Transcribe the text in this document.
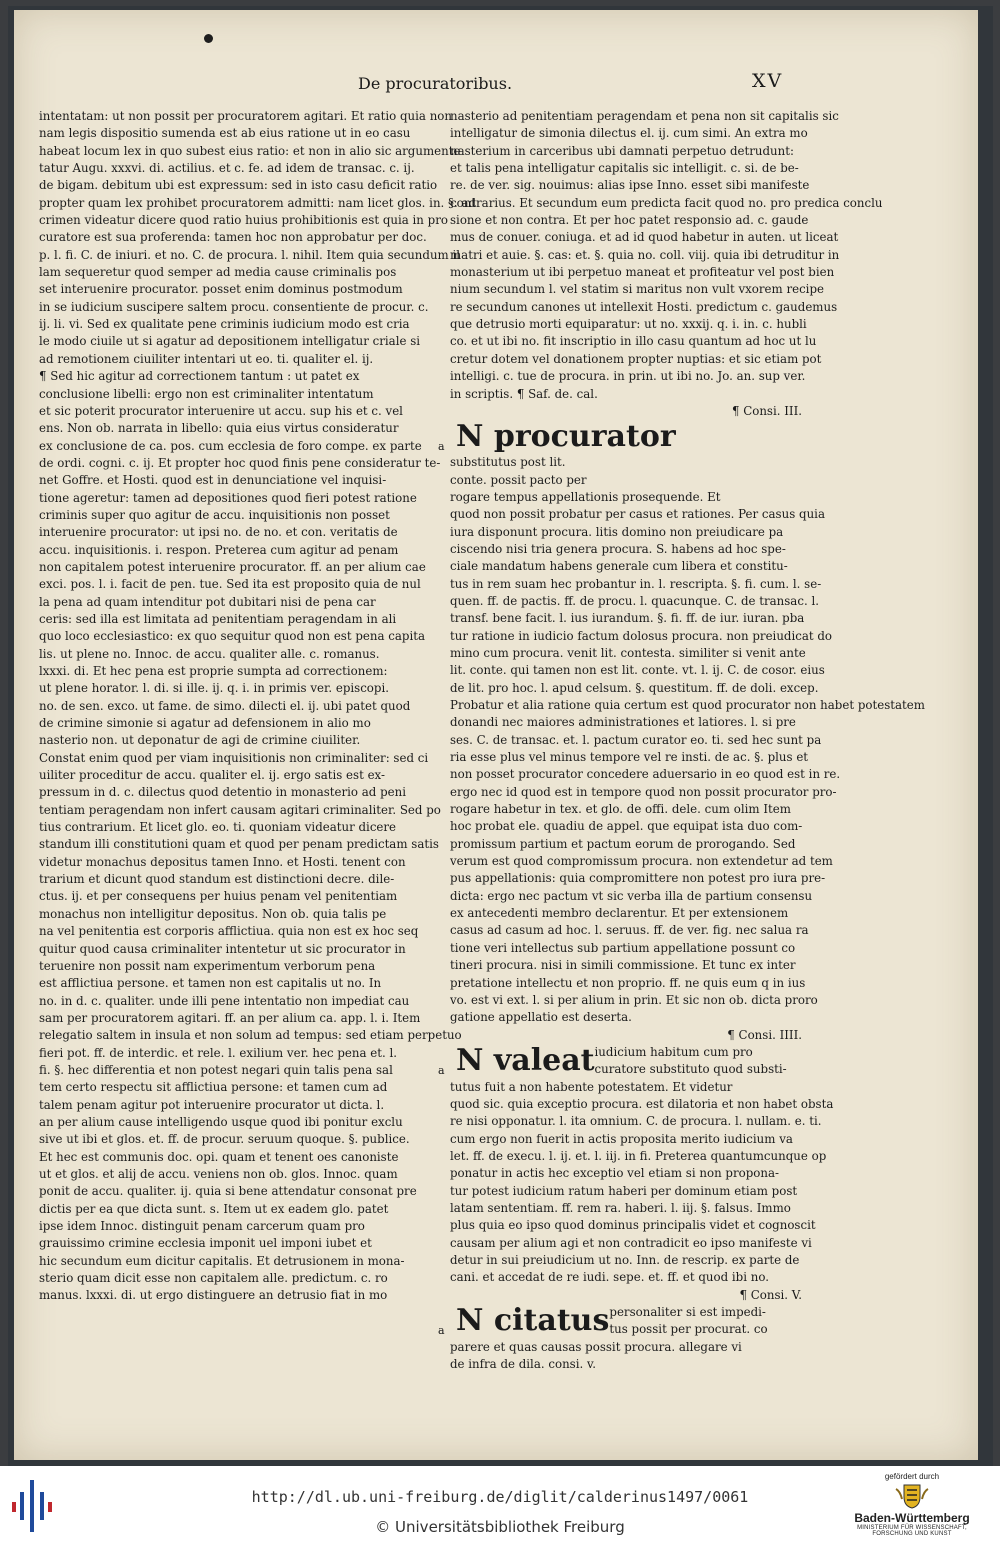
De procuratoribus.	XV
intentatam: ut non possit per procuratorem agitari. Et ratio quia non
nam legis dispositio sumenda est ab eius ratione ut in eo casu
habeat locum lex in quo subest eius ratio: et non in alio sic argumente
tatur Augu. xxxvi. di. actilius. et c. fe. ad idem de transac. c. ij.
de bigam. debitum ubi est expressum: sed in isto casu deficit ratio
propter quam lex prohibet procuratorem admitti: nam licet glos. in. §. ad
crimen videatur dicere quod ratio huius prohibitionis est quia in pro
curatore est sua proferenda: tamen hoc non approbatur per doc.
p. l. fi. C. de iniuri. et no. C. de procura. l. nihil. Item quia secundum il
lam sequeretur quod semper ad media cause criminalis pos
set interuenire procurator. posset enim dominus postmodum
in se iudicium suscipere saltem procu. consentiente de procur. c.
ij. li. vi. Sed ex qualitate pene criminis iudicium modo est cria
le modo ciuile ut si agatur ad depositionem intelligatur criale si
ad remotionem ciuiliter intentari ut eo. ti. qualiter el. ij.
¶ Sed hic agitur ad correctionem tantum : ut patet ex
conclusione libelli: ergo non est criminaliter intentatum
et sic poterit procurator interuenire ut accu. sup his et c. vel
ens. Non ob. narrata in libello: quia eius virtus consideratur
ex conclusione de ca. pos. cum ecclesia de foro compe. ex parte
de ordi. cogni. c. ij. Et propter hoc quod finis pene consideratur te-
net Goffre. et Hosti. quod est in denunciatione vel inquisi-
tione ageretur: tamen ad depositiones quod fieri potest ratione
criminis super quo agitur de accu. inquisitionis non posset
interuenire procurator: ut ipsi no. de no. et con. veritatis de
accu. inquisitionis. i. respon. Preterea cum agitur ad penam
non capitalem potest interuenire procurator. ff. an per alium cae
exci. pos. l. i. facit de pen. tue. Sed ita est proposito quia de nul
la pena ad quam intenditur pot dubitari nisi de pena car
ceris: sed illa est limitata ad penitentiam peragendam in ali
quo loco ecclesiastico: ex quo sequitur quod non est pena capita
lis. ut plene no. Innoc. de accu. qualiter alle. c. romanus.
lxxxi. di. Et hec pena est proprie sumpta ad correctionem:
ut plene horator. l. di. si ille. ij. q. i. in primis ver. episcopi.
no. de sen. exco. ut fame. de simo. dilecti el. ij. ubi patet quod
de crimine simonie si agatur ad defensionem in alio mo
nasterio non. ut deponatur de agi de crimine ciuiliter.
Constat enim quod per viam inquisitionis non criminaliter: sed ci
uiliter proceditur de accu. qualiter el. ij. ergo satis est ex-
pressum in d. c. dilectus quod detentio in monasterio ad peni
tentiam peragendam non infert causam agitari criminaliter. Sed po
tius contrarium. Et licet glo. eo. ti. quoniam videatur dicere
standum illi constitutioni quam et quod per penam predictam satis
videtur monachus depositus tamen Inno. et Hosti. tenent con
trarium et dicunt quod standum est distinctioni decre. dile-
ctus. ij. et per consequens per huius penam vel penitentiam
monachus non intelligitur depositus. Non ob. quia talis pe
na vel penitentia est corporis afflictiua. quia non est ex hoc seq
quitur quod causa criminaliter intentetur ut sic procurator in
teruenire non possit nam experimentum verborum pena
est afflictiua persone. et tamen non est capitalis ut no. In
no. in d. c. qualiter. unde illi pene intentatio non impediat cau
sam per procuratorem agitari. ff. an per alium ca. app. l. i. Item
relegatio saltem in insula et non solum ad tempus: sed etiam perpetuo
fieri pot. ff. de interdic. et rele. l. exilium ver. hec pena et. l.
fi. §. hec differentia et non potest negari quin talis pena sal
tem certo respectu sit afflictiua persone: et tamen cum ad
talem penam agitur pot interuenire procurator ut dicta. l.
an per alium cause intelligendo usque quod ibi ponitur exclu
sive ut ibi et glos. et. ff. de procur. seruum quoque. §. publice.
Et hec est communis doc. opi. quam et tenent oes canoniste
ut et glos. et alij de accu. veniens non ob. glos. Innoc. quam
ponit de accu. qualiter. ij. quia si bene attendatur consonat pre
dictis per ea que dicta sunt. s. Item ut ex eadem glo. patet
ipse idem Innoc. distinguit penam carcerum quam pro
grauissimo crimine ecclesia imponit uel imponi iubet et
hic secundum eum dicitur capitalis. Et detrusionem in mona-
sterio quam dicit esse non capitalem alle. predictum. c. ro
manus. lxxxi. di. ut ergo distinguere an detrusio fiat in mo
nasterio ad penitentiam peragendam et pena non sit capitalis sic
intelligatur de simonia dilectus el. ij. cum simi. An extra mo
nasterium in carceribus ubi damnati perpetuo detrudunt:
et talis pena intelligatur capitalis sic intelligit. c. si. de be-
re. de ver. sig. nouimus: alias ipse Inno. esset sibi manifeste
contrarius. Et secundum eum predicta facit quod no. pro predica conclu
sione et non contra. Et per hoc patet responsio ad. c. gaude
mus de conuer. coniuga. et ad id quod habetur in auten. ut liceat
matri et auie. §. cas: et. §. quia no. coll. viij. quia ibi detruditur in
monasterium ut ibi perpetuo maneat et profiteatur vel post bien
nium secundum l. vel statim si maritus non vult vxorem recipe
re secundum canones ut intellexit Hosti. predictum c. gaudemus
que detrusio morti equiparatur: ut no. xxxij. q. i. in. c. hubli
co. et ut ibi no. fit inscriptio in illo casu quantum ad hoc ut lu
cretur dotem vel donationem propter nuptias: et sic etiam pot
intelligi. c. tue de procura. in prin. ut ibi no. Jo. an. sup ver.
in scriptis. ¶ Saf. de. cal.
¶ Consi. III.
a N procurator
substitutus post lit.
conte. possit pacto per
rogare tempus appellationis prosequende. Et
quod non possit probatur per casus et rationes. Per casus quia
iura disponunt procura. litis domino non preiudicare pa
ciscendo nisi tria genera procura. S. habens ad hoc spe-
ciale mandatum habens generale cum libera et constitu-
tus in rem suam hec probantur in. l. rescripta. §. fi. cum. l. se-
quen. ff. de pactis. ff. de procu. l. quacunque. C. de transac. l.
transf. bene facit. l. ius iurandum. §. fi. ff. de iur. iuran. pba
tur ratione in iudicio factum dolosus procura. non preiudicat do
mino cum procura. venit lit. contesta. similiter si venit ante
lit. conte. qui tamen non est lit. conte. vt. l. ij. C. de cosor. eius
de lit. pro hoc. l. apud celsum. §. questitum. ff. de doli. excep.
Probatur et alia ratione quia certum est quod procurator non habet potestatem
donandi nec maiores administrationes et latiores. l. si pre
ses. C. de transac. et. l. pactum curator eo. ti. sed hec sunt pa
ria esse plus vel minus tempore vel re insti. de ac. §. plus et
non posset procurator concedere aduersario in eo quod est in re.
ergo nec id quod est in tempore quod non possit procurator pro-
rogare habetur in tex. et glo. de offi. dele. cum olim Item
hoc probat ele. quadiu de appel. que equipat ista duo com-
promissum partium et pactum eorum de prorogando. Sed
verum est quod compromissum procura. non extendetur ad tem
pus appellationis: quia compromittere non potest pro iura pre-
dicta: ergo nec pactum vt sic verba illa de partium consensu
ex antecedenti membro declarentur. Et per extensionem
casus ad casum ad hoc. l. seruus. ff. de ver. fig. nec salua ra
tione veri intellectus sub partium appellatione possunt co
tineri procura. nisi in simili commissione. Et tunc ex inter
pretatione intellectu et non proprio. ff. ne quis eum q in ius
vo. est vi ext. l. si per alium in prin. Et sic non ob. dicta proro
gatione appellatio est deserta.
¶ Consi. IIII.
a N valeat iudicium habitum cum pro
curatore substituto quod substi-
tutus fuit a non habente potestatem. Et videtur
quod sic. quia exceptio procura. est dilatoria et non habet obsta
re nisi opponatur. l. ita omnium. C. de procura. l. nullam. e. ti.
cum ergo non fuerit in actis proposita merito iudicium va
let. ff. de execu. l. ij. et. l. iij. in fi. Preterea quantumcunque op
ponatur in actis hec exceptio vel etiam si non propona-
tur potest iudicium ratum haberi per dominum etiam post
latam sententiam. ff. rem ra. haberi. l. iij. §. falsus. Immo
plus quia eo ipso quod dominus principalis videt et cognoscit
causam per alium agi et non contradicit eo ipso manifeste vi
detur in sui preiudicium ut no. Inn. de rescrip. ex parte de
cani. et accedat de re iudi. sepe. et. ff. et quod ibi no.
¶ Consi. V.
a N citatus personaliter si est impedi-
tus possit per procurat. co
parere et quas causas possit procura. allegare vi
de infra de dila. consi. v.
http://dl.ub.uni-freiburg.de/diglit/calderinus1497/0061
© Universitätsbibliothek Freiburg
gefördert durch
Baden-Württemberg
MINISTERIUM FÜR WISSENSCHAFT, FORSCHUNG UND KUNST
